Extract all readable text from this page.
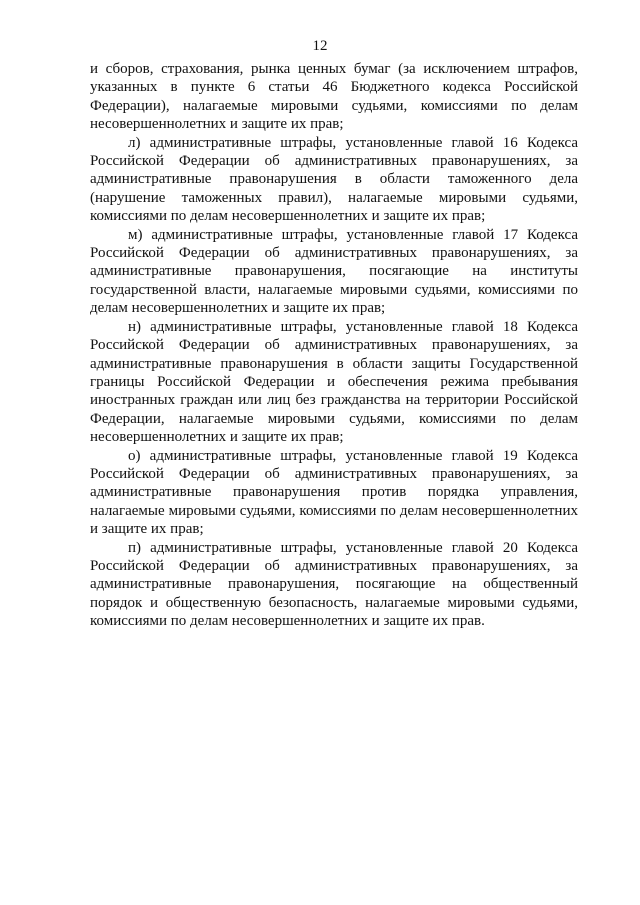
12

и сборов, страхования, рынка ценных бумаг (за исключением штрафов, указанных в пункте 6 статьи 46 Бюджетного кодекса Российской Федерации), налагаемые мировыми судьями, комиссиями по делам несовершеннолетних и защите их прав;

л) административные штрафы, установленные главой 16 Кодекса Российской Федерации об административных правонарушениях, за административные правонарушения в области таможенного дела (нарушение таможенных правил), налагаемые мировыми судьями, комиссиями по делам несовершеннолетних и защите их прав;

м) административные штрафы, установленные главой 17 Кодекса Российской Федерации об административных правонарушениях, за административные правонарушения, посягающие на институты государственной власти, налагаемые мировыми судьями, комиссиями по делам несовершеннолетних и защите их прав;

н) административные штрафы, установленные главой 18 Кодекса Российской Федерации об административных правонарушениях, за административные правонарушения в области защиты Государственной границы Российской Федерации и обеспечения режима пребывания иностранных граждан или лиц без гражданства на территории Российской Федерации, налагаемые мировыми судьями, комиссиями по делам несовершеннолетних и защите их прав;

о) административные штрафы, установленные главой 19 Кодекса Российской Федерации об административных правонарушениях, за административные правонарушения против порядка управления, налагаемые мировыми судьями, комиссиями по делам несовершеннолетних и защите их прав;

п) административные штрафы, установленные главой 20 Кодекса Российской Федерации об административных правонарушениях, за административные правонарушения, посягающие на общественный порядок и общественную безопасность, налагаемые мировыми судьями, комиссиями по делам несовершеннолетних и защите их прав.
